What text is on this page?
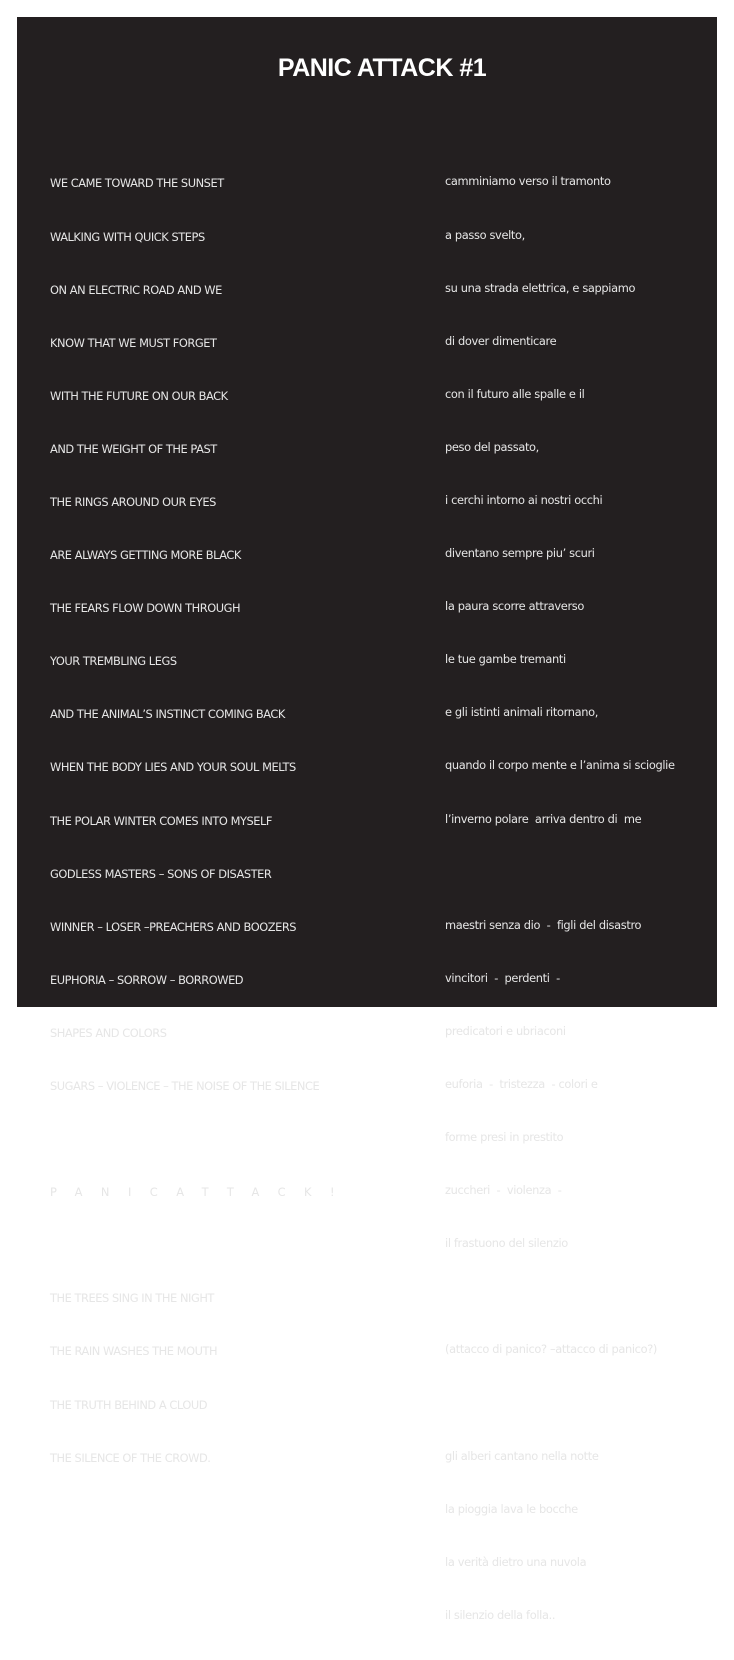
PANIC ATTACK #1

WE CAME TOWARD THE SUNSET

WALKING WITH QUICK STEPS

ON AN ELECTRIC ROAD AND WE

KNOW THAT WE MUST FORGET

WITH THE FUTURE ON OUR BACK

AND THE WEIGHT OF THE PAST

THE RINGS AROUND OUR EYES

ARE ALWAYS GETTING MORE BLACK

THE FEARS FLOW DOWN THROUGH

YOUR TREMBLING LEGS

AND THE ANIMAL’S INSTINCT COMING BACK

WHEN THE BODY LIES AND YOUR SOUL MELTS

THE POLAR WINTER COMES INTO MYSELF

GODLESS MASTERS – SONS OF DISASTER

WINNER – LOSER –PREACHERS AND BOOZERS

EUPHORIA – SORROW – BORROWED

SHAPES AND COLORS

SUGARS – VIOLENCE – THE NOISE OF THE SILENCE

PANICATTACK!

THE TREES SING IN THE NIGHT

THE RAIN WASHES THE MOUTH

THE TRUTH BEHIND A CLOUD

THE SILENCE OF THE CROWD.

camminiamo verso il tramonto

a passo svelto,

su una strada elettrica, e sappiamo

di dover dimenticare

con il futuro alle spalle e il

peso del passato,

i cerchi intorno ai nostri occhi

diventano sempre piu’ scuri

la paura scorre attraverso

le tue gambe tremanti

e gli istinti animali ritornano,

quando il corpo mente e l’anima si scioglie

l’inverno polare  arriva dentro di  me

maestri senza dio  -  figli del disastro

vincitori  -  perdenti  -

predicatori e ubriaconi

euforia  -  tristezza  - colori e

forme presi in prestito

zuccheri  -  violenza  -

il frastuono del silenzio

(attacco di panico? –attacco di panico?)

gli alberi cantano nella notte

la pioggia lava le bocche

la verità dietro una nuvola

il silenzio della folla..
